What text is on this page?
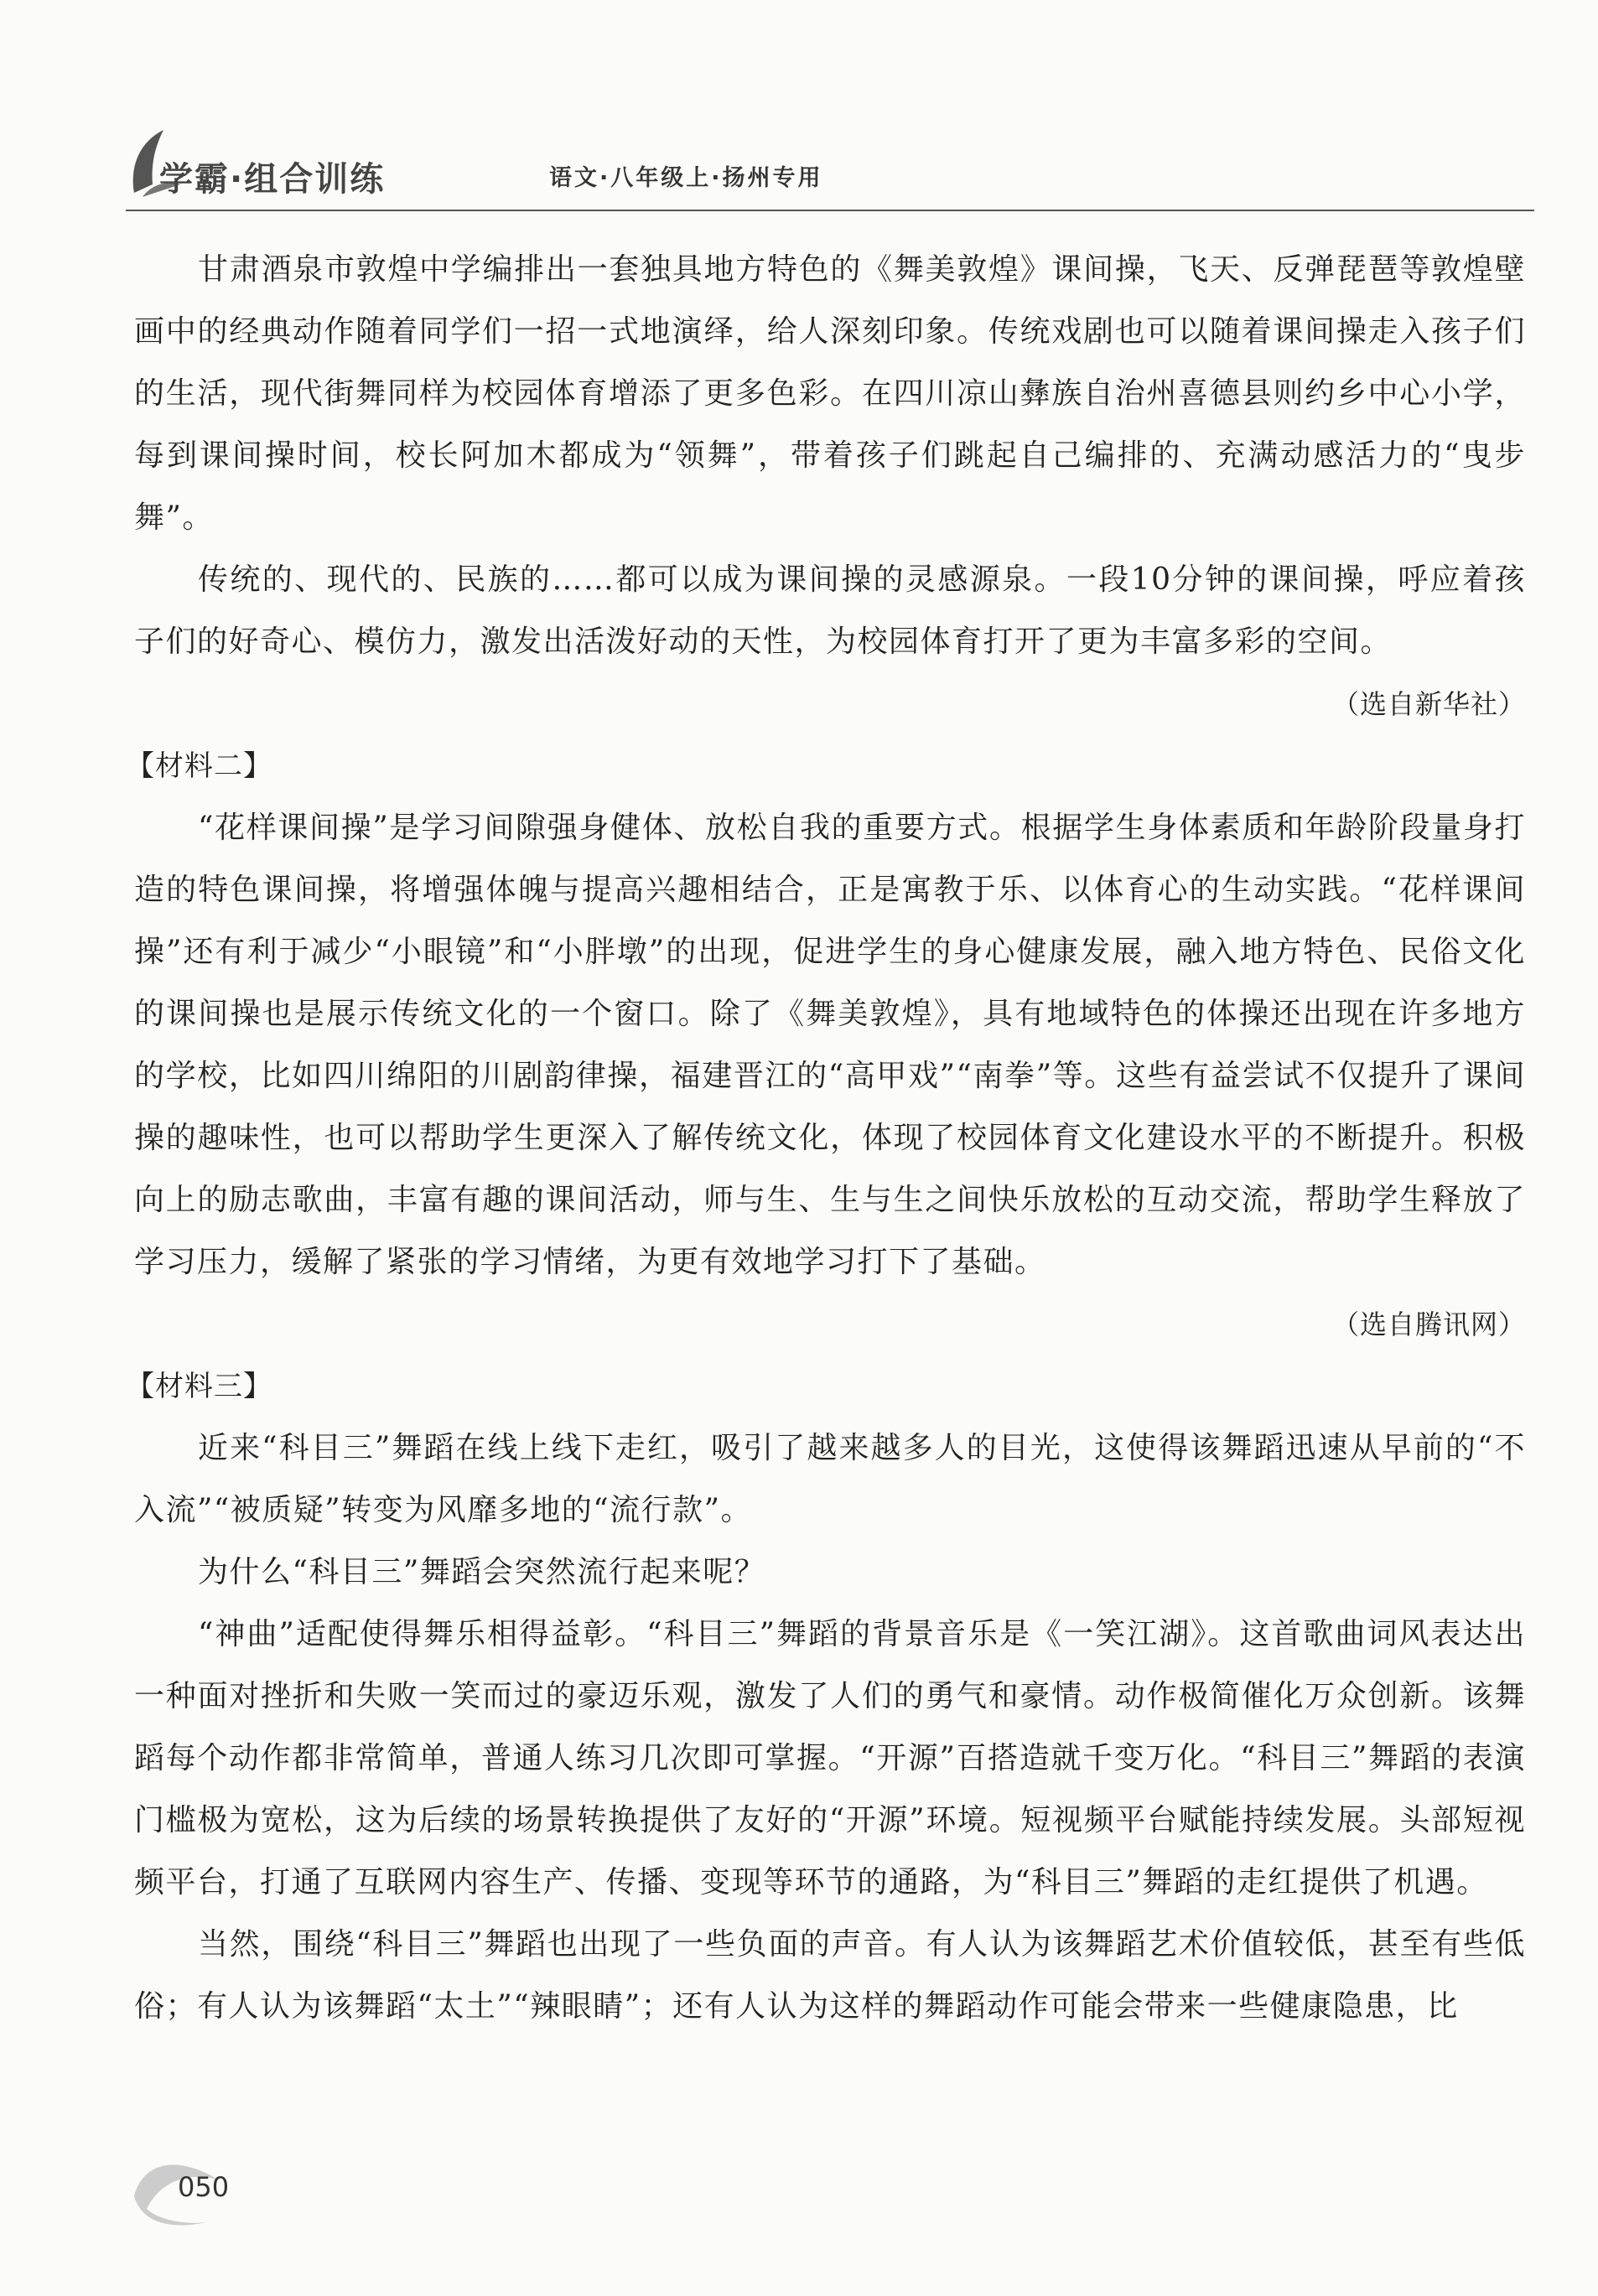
学霸·组合训练	语文·八年级上·扬州专用

甘肃酒泉市敦煌中学编排出一套独具地方特色的《舞美敦煌》课间操，飞天、反弹琵琶等敦煌壁画中的经典动作随着同学们一招一式地演绎，给人深刻印象。传统戏剧也可以随着课间操走入孩子们的生活，现代街舞同样为校园体育增添了更多色彩。在四川凉山彝族自治州喜德县则约乡中心小学，每到课间操时间，校长阿加木都成为“领舞”，带着孩子们跳起自己编排的、充满动感活力的“曳步舞”。

传统的、现代的、民族的……都可以成为课间操的灵感源泉。一段10分钟的课间操，呼应着孩子们的好奇心、模仿力，激发出活泼好动的天性，为校园体育打开了更为丰富多彩的空间。

（选自新华社）

【材料二】

“花样课间操”是学习间隙强身健体、放松自我的重要方式。根据学生身体素质和年龄阶段量身打造的特色课间操，将增强体魄与提高兴趣相结合，正是寓教于乐、以体育心的生动实践。“花样课间操”还有利于减少“小眼镜”和“小胖墩”的出现，促进学生的身心健康发展，融入地方特色、民俗文化的课间操也是展示传统文化的一个窗口。除了《舞美敦煌》，具有地域特色的体操还出现在许多地方的学校，比如四川绵阳的川剧韵律操，福建晋江的“高甲戏”“南拳”等。这些有益尝试不仅提升了课间操的趣味性，也可以帮助学生更深入了解传统文化，体现了校园体育文化建设水平的不断提升。积极向上的励志歌曲，丰富有趣的课间活动，师与生、生与生之间快乐放松的互动交流，帮助学生释放了学习压力，缓解了紧张的学习情绪，为更有效地学习打下了基础。

（选自腾讯网）

【材料三】

近来“科目三”舞蹈在线上线下走红，吸引了越来越多人的目光，这使得该舞蹈迅速从早前的“不入流”“被质疑”转变为风靡多地的“流行款”。

为什么“科目三”舞蹈会突然流行起来呢？

“神曲”适配使得舞乐相得益彰。“科目三”舞蹈的背景音乐是《一笑江湖》。这首歌曲词风表达出一种面对挫折和失败一笑而过的豪迈乐观，激发了人们的勇气和豪情。动作极简催化万众创新。该舞蹈每个动作都非常简单，普通人练习几次即可掌握。“开源”百搭造就千变万化。“科目三”舞蹈的表演门槛极为宽松，这为后续的场景转换提供了友好的“开源”环境。短视频平台赋能持续发展。头部短视频平台，打通了互联网内容生产、传播、变现等环节的通路，为“科目三”舞蹈的走红提供了机遇。

当然，围绕“科目三”舞蹈也出现了一些负面的声音。有人认为该舞蹈艺术价值较低，甚至有些低俗；有人认为该舞蹈“太土”“辣眼睛”；还有人认为这样的舞蹈动作可能会带来一些健康隐患，比

050
